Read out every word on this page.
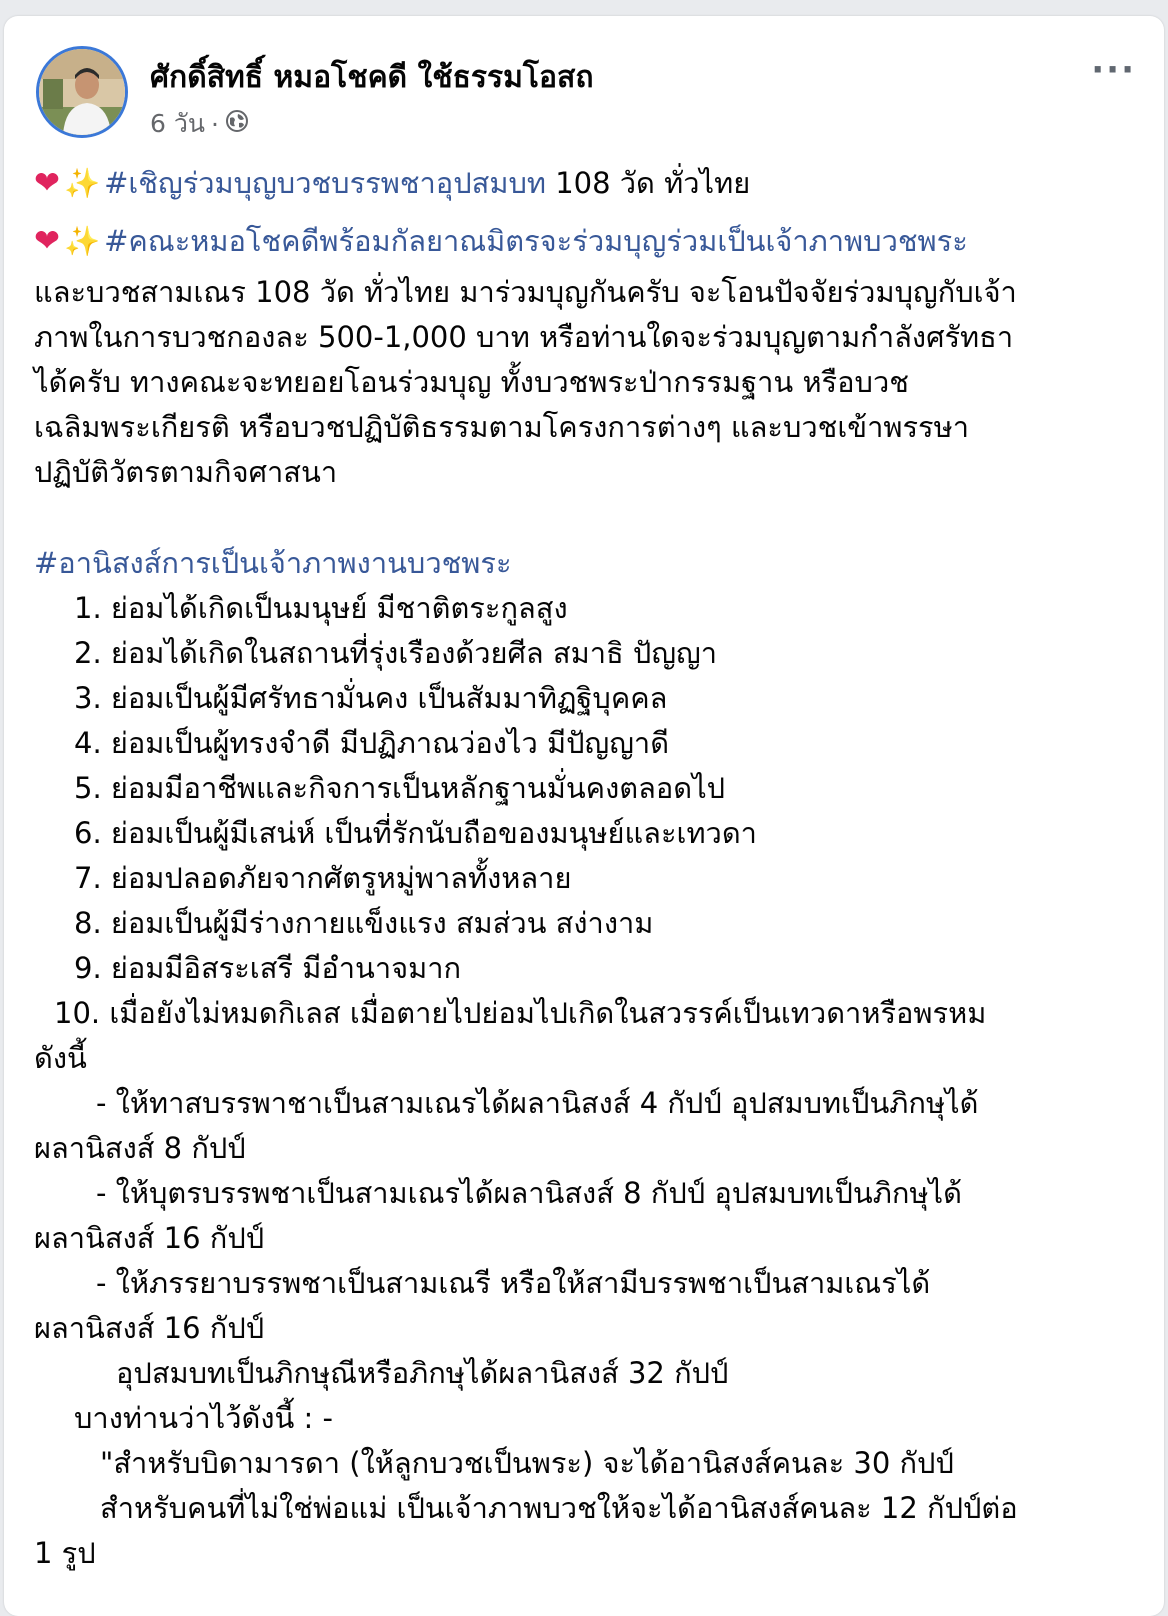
ศักดิ์สิทธิ์ หมอโชคดี ใช้ธรรมโอสถ
6 วัน ·
···
❤ ✨ #เชิญร่วมบุญบวชบรรพชาอุปสมบท 108 วัด ทั่วไทย
❤ ✨ #คณะหมอโชคดีพร้อมกัลยาณมิตรจะร่วมบุญร่วมเป็นเจ้าภาพบวชพระ
และบวชสามเณร 108 วัด ทั่วไทย มาร่วมบุญกันครับ จะโอนปัจจัยร่วมบุญกับเจ้า
ภาพในการบวชกองละ 500-1,000 บาท หรือท่านใดจะร่วมบุญตามกำลังศรัทธา
ได้ครับ ทางคณะจะทยอยโอนร่วมบุญ ทั้งบวชพระป่ากรรมฐาน หรือบวช
เฉลิมพระเกียรติ หรือบวชปฏิบัติธรรมตามโครงการต่างๆ และบวชเข้าพรรษา
ปฏิบัติวัตรตามกิจศาสนา
#อานิสงส์การเป็นเจ้าภาพงานบวชพระ
1. ย่อมได้เกิดเป็นมนุษย์ มีชาติตระกูลสูง
2. ย่อมได้เกิดในสถานที่รุ่งเรืองด้วยศีล สมาธิ ปัญญา
3. ย่อมเป็นผู้มีศรัทธามั่นคง เป็นสัมมาทิฏฐิบุคคล
4. ย่อมเป็นผู้ทรงจำดี มีปฏิภาณว่องไว มีปัญญาดี
5. ย่อมมีอาชีพและกิจการเป็นหลักฐานมั่นคงตลอดไป
6. ย่อมเป็นผู้มีเสน่ห์ เป็นที่รักนับถือของมนุษย์และเทวดา
7. ย่อมปลอดภัยจากศัตรูหมู่พาลทั้งหลาย
8. ย่อมเป็นผู้มีร่างกายแข็งแรง สมส่วน สง่างาม
9. ย่อมมีอิสระเสรี มีอำนาจมาก
10. เมื่อยังไม่หมดกิเลส เมื่อตายไปย่อมไปเกิดในสวรรค์เป็นเทวดาหรือพรหม
ดังนี้
- ให้ทาสบรรพาชาเป็นสามเณรได้ผลานิสงส์ 4 กัปป์ อุปสมบทเป็นภิกษุได้
ผลานิสงส์ 8 กัปป์
- ให้บุตรบรรพชาเป็นสามเณรได้ผลานิสงส์ 8 กัปป์ อุปสมบทเป็นภิกษุได้
ผลานิสงส์ 16 กัปป์
- ให้ภรรยาบรรพชาเป็นสามเณรี หรือให้สามีบรรพชาเป็นสามเณรได้
ผลานิสงส์ 16 กัปป์
อุปสมบทเป็นภิกษุณีหรือภิกษุได้ผลานิสงส์ 32 กัปป์
บางท่านว่าไว้ดังนี้ : -
"สำหรับบิดามารดา (ให้ลูกบวชเป็นพระ) จะได้อานิสงส์คนละ 30 กัปป์
สำหรับคนที่ไม่ใช่พ่อแม่ เป็นเจ้าภาพบวชให้จะได้อานิสงส์คนละ 12 กัปป์ต่อ
1 รูป
